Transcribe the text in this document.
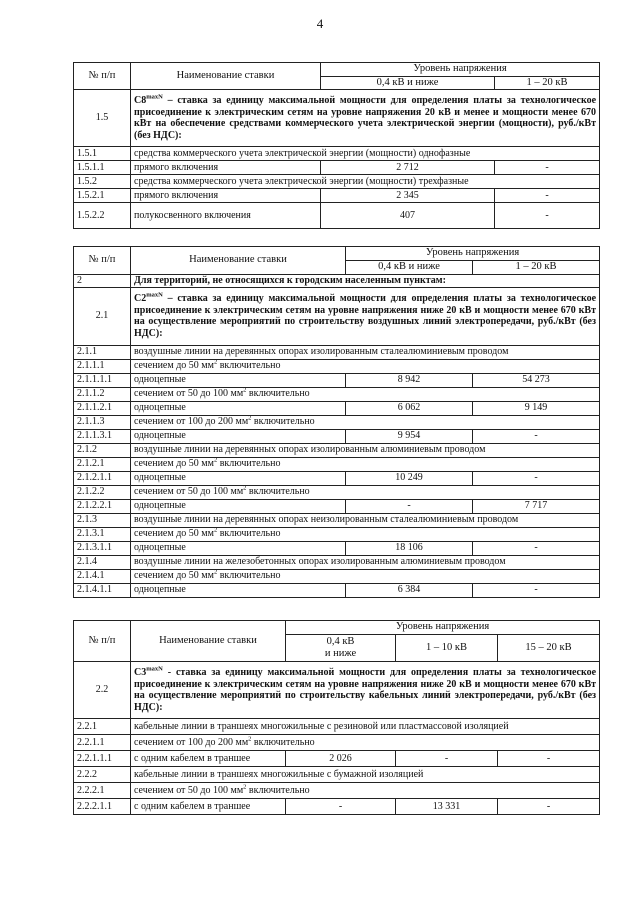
4
№ п/п	Наименование ставки	Уровень напряжения	
		0,4 кВ и ниже	1 – 20 кВ
1.5	$С8^{maxN}$ – ставка за единицу максимальной мощности для определения платы за технологическое присоединение к электрическим сетям на уровне напряжения 20 кВ и менее и мощности менее 670 кВт на обеспечение средствами коммерческого учета электрической энергии (мощности), руб./кВт (без НДС):		
1.5.1	средства коммерческого учета электрической энергии (мощности) однофазные		
1.5.1.1	прямого включения	2 712	-
1.5.2	средства коммерческого учета электрической энергии (мощности) трехфазные		
1.5.2.1	прямого включения	2 345	-
1.5.2.2	полукосвенного включения	407	-
№ п/п	Наименование ставки	Уровень напряжения	
		0,4 кВ и ниже	1 – 20 кВ
2	Для территорий, не относящихся к городским населенным пунктам:		
2.1	$С2^{maxN}$ – ставка за единицу максимальной мощности для определения платы за технологическое присоединение к электрическим сетям на уровне напряжения ниже 20 кВ и мощности менее 670 кВт на осуществление мероприятий по строительству воздушных линий электропередачи, руб./кВт (без НДС):		
2.1.1	воздушные линии на деревянных опорах изолированным сталеалюминиевым проводом		
2.1.1.1	сечением до 50 $мм^2$ включительно		
2.1.1.1.1	одноцепные	8 942	54 273
2.1.1.2	сечением от 50 до 100 $мм^2$ включительно		
2.1.1.2.1	одноцепные	6 062	9 149
2.1.1.3	сечением от 100 до 200 $мм^2$ включительно		
2.1.1.3.1	одноцепные	9 954	-
2.1.2	воздушные линии на деревянных опорах изолированным алюминиевым проводом		
2.1.2.1	сечением до 50 $мм^2$ включительно		
2.1.2.1.1	одноцепные	10 249	-
2.1.2.2	сечением от 50 до 100 $мм^2$ включительно		
2.1.2.2.1	одноцепные	-	7 717
2.1.3	воздушные линии на деревянных опорах неизолированным сталеалюминиевым проводом		
2.1.3.1	сечением до 50 $мм^2$ включительно		
2.1.3.1.1	одноцепные	18 106	-
2.1.4	воздушные линии на железобетонных опорах изолированным алюминиевым проводом		
2.1.4.1	сечением до 50 $мм^2$ включительно		
2.1.4.1.1	одноцепные	6 384	-
№ п/п	Наименование ставки	Уровень напряжения		
		0,4 кВ
и ниже	1 – 10 кВ	15 – 20 кВ
2.2	$С3^{maxN}$ - ставка за единицу максимальной мощности для определения платы за технологическое присоединение к электрическим сетям на уровне напряжения ниже 20 кВ и мощности менее 670 кВт на осуществление мероприятий по строительству кабельных линий электропередачи, руб./кВт (без НДС):			
2.2.1	кабельные линии в траншеях многожильные с резиновой или пластмассовой изоляцией			
2.2.1.1	сечением от 100 до 200 $мм^2$ включительно			
2.2.1.1.1	с одним кабелем в траншее	2 026	-	-
2.2.2	кабельные линии в траншеях многожильные с бумажной изоляцией			
2.2.2.1	сечением от 50 до 100 $мм^2$ включительно			
2.2.2.1.1	с одним кабелем в траншее	-	13 331	-
